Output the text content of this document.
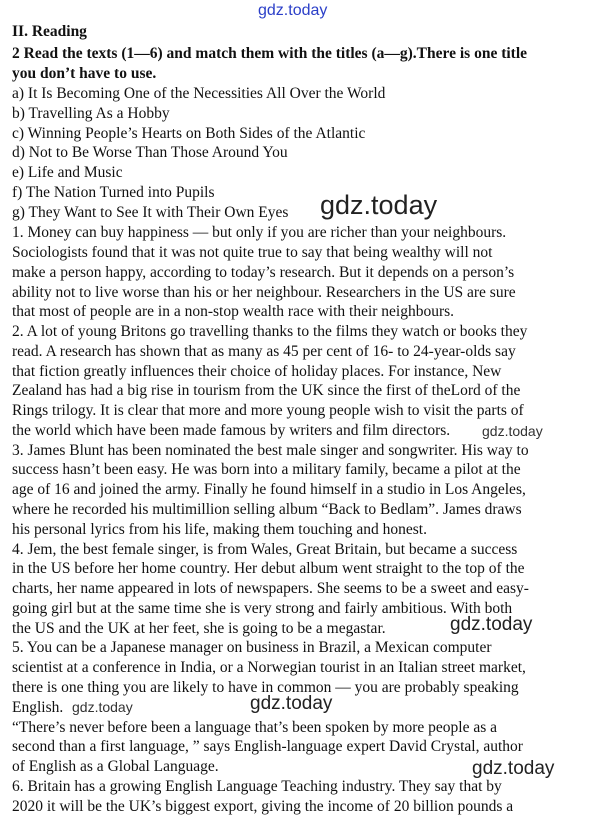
gdz.today
II. Reading
2 Read the texts (1—6) and match them with the titles (a—g).There is one title
you don’t have to use.
a) It Is Becoming One of the Necessities All Over the World
b) Travelling As a Hobby
c) Winning People’s Hearts on Both Sides of the Atlantic
d) Not to Be Worse Than Those Around You
e) Life and Music
f) The Nation Turned into Pupils
g) They Want to See It with Their Own Eyes gdz.today
1. Money can buy happiness — but only if you are richer than your neighbours.
Sociologists found that it was not quite true to say that being wealthy will not
make a person happy, according to today’s research. But it depends on a person’s
ability not to live worse than his or her neighbour. Researchers in the US are sure
that most of people are in a non-stop wealth race with their neighbours.
2. A lot of young Britons go travelling thanks to the films they watch or books they
read. A research has shown that as many as 45 per cent of 16- to 24-year-olds say
that fiction greatly influences their choice of holiday places. For instance, New
Zealand has had a big rise in tourism from the UK since the first of theLord of the
Rings trilogy. It is clear that more and more young people wish to visit the parts of
the world which have been made famous by writers and film directors. gdz.today
3. James Blunt has been nominated the best male singer and songwriter. His way to
success hasn’t been easy. He was born into a military family, became a pilot at the
age of 16 and joined the army. Finally he found himself in a studio in Los Angeles,
where he recorded his multimillion selling album “Back to Bedlam”. James draws
his personal lyrics from his life, making them touching and honest.
4. Jem, the best female singer, is from Wales, Great Britain, but became a success
in the US before her home country. Her debut album went straight to the top of the
charts, her name appeared in lots of newspapers. She seems to be a sweet and easy-
going girl but at the same time she is very strong and fairly ambitious. With both
the US and the UK at her feet, she is going to be a megastar.	gdz.today
5. You can be a Japanese manager on business in Brazil, a Mexican computer
scientist at a conference in India, or a Norwegian tourist in an Italian street market,
there is one thing you are likely to have in common — you are probably speaking
English. gdz.today	gdz.today
“There’s never before been a language that’s been spoken by more people as a
second than a first language, ” says English-language expert David Crystal, author
of English as a Global Language.	gdz.today
6. Britain has a growing English Language Teaching industry. They say that by
2020 it will be the UK’s biggest export, giving the income of 20 billion pounds a
